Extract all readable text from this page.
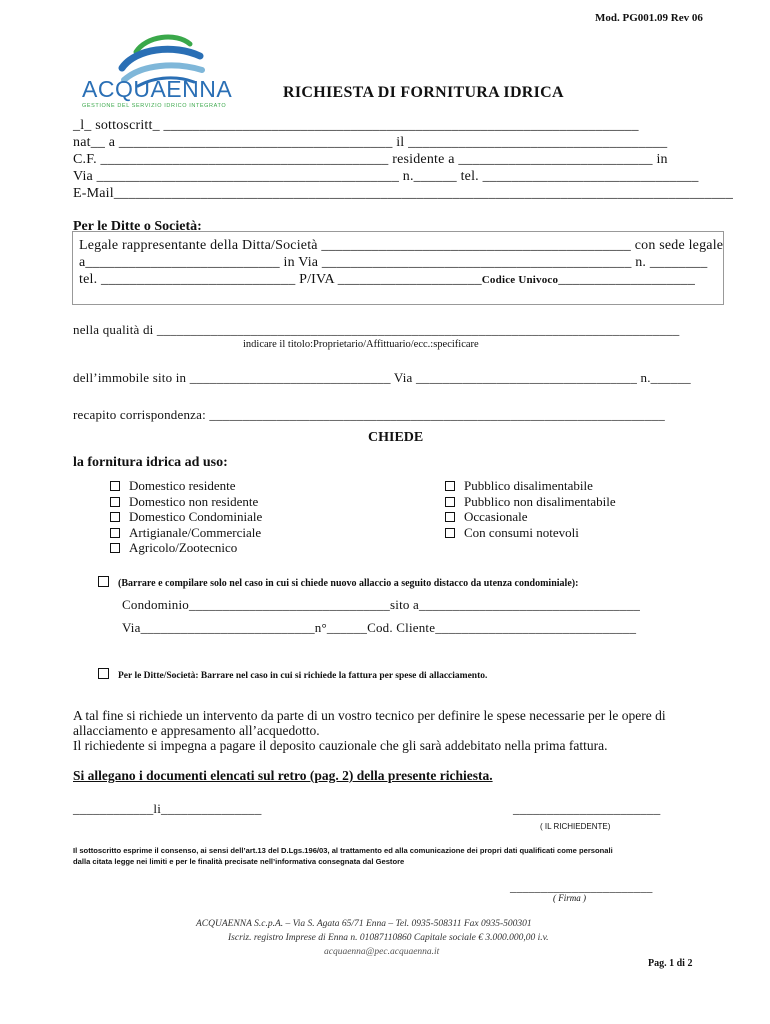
Mod. PG001.09 Rev 06
ACQUAENNA
GESTIONE DEL SERVIZIO IDRICO INTEGRATO
RICHIESTA DI FORNITURA IDRICA
_l_ sottoscritt_ __________________________________________________________________
nat__ a ______________________________________ il ____________________________________
C.F. ________________________________________ residente a ___________________________ in
Via __________________________________________ n.______ tel. ______________________________
E-Mail______________________________________________________________________________________
Per le Ditte o Società:
Legale rappresentante della Ditta/Società ___________________________________________ con sede legale
a___________________________ in Via ___________________________________________ n. ________
tel. ___________________________ P/IVA ____________________Codice Univoco___________________
nella qualità di ______________________________________________________________________________
indicare il titolo:Proprietario/Affittuario/ecc.:specificare
dell’immobile sito in ______________________________ Via _________________________________ n.______
recapito corrispondenza: ____________________________________________________________________
CHIEDE
la fornitura idrica ad uso:
Domestico residente
Domestico non residente
Domestico Condominiale
Artigianale/Commerciale
Agricolo/Zootecnico
Pubblico disalimentabile
Pubblico non disalimentabile
Occasionale
Con consumi notevoli
(Barrare e compilare solo nel caso in cui si chiede nuovo allaccio a seguito distacco da utenza condominiale):
Condominio______________________________sito a_________________________________
Via__________________________n°______Cod. Cliente______________________________
Per le Ditte/Società: Barrare nel caso in cui si richiede la fattura per spese di allacciamento.
A tal fine si richiede un intervento da parte di un vostro tecnico per definire le spese necessarie per le opere di
allacciamento e appresamento all’acquedotto.
Il richiedente si impegna a pagare il deposito cauzionale che gli sarà addebitato nella prima fattura.
Si allegano i documenti elencati sul retro (pag. 2) della presente richiesta.
____________li_______________	______________________
( IL RICHIEDENTE)
Il sottoscritto esprime il consenso, ai sensi dell’art.13 del D.Lgs.196/03, al trattamento ed alla comunicazione dei propri dati qualificati come personali
dalla citata legge nei limiti e per le finalità precisate nell’informativa consegnata dal Gestore
_______________________
( Firma )
ACQUAENNA S.c.p.A. – Via S. Agata 65/71 Enna – Tel. 0935-508311 Fax 0935-500301
Iscriz. registro Imprese di Enna n. 01087110860 Capitale sociale € 3.000.000,00 i.v.
acquaenna@pec.acquaenna.it
Pag. 1 di 2
